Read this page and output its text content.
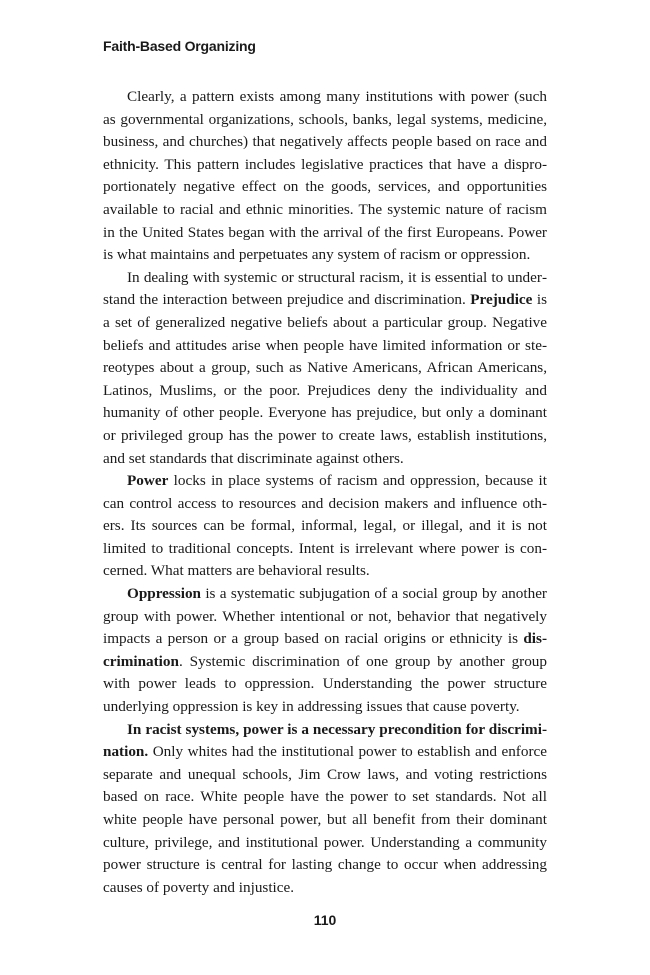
Faith-Based Organizing

Clearly, a pattern exists among many institutions with power (such as governmental organizations, schools, banks, legal systems, medicine, business, and churches) that negatively affects people based on race and ethnicity. This pattern includes legislative practices that have a disproportionately negative effect on the goods, services, and opportunities available to racial and ethnic minorities. The systemic nature of racism in the United States began with the arrival of the first Europeans. Power is what maintains and perpetuates any system of racism or oppression.

In dealing with systemic or structural racism, it is essential to understand the interaction between prejudice and discrimination. Prejudice is a set of generalized negative beliefs about a particular group. Negative beliefs and attitudes arise when people have limited information or stereotypes about a group, such as Native Americans, African Americans, Latinos, Muslims, or the poor. Prejudices deny the individuality and humanity of other people. Everyone has prejudice, but only a dominant or privileged group has the power to create laws, establish institutions, and set standards that discriminate against others.

Power locks in place systems of racism and oppression, because it can control access to resources and decision makers and influence others. Its sources can be formal, informal, legal, or illegal, and it is not limited to traditional concepts. Intent is irrelevant where power is concerned. What matters are behavioral results.

Oppression is a systematic subjugation of a social group by another group with power. Whether intentional or not, behavior that negatively impacts a person or a group based on racial origins or ethnicity is discrimination. Systemic discrimination of one group by another group with power leads to oppression. Understanding the power structure underlying oppression is key in addressing issues that cause poverty.

In racist systems, power is a necessary precondition for discrimination. Only whites had the institutional power to establish and enforce separate and unequal schools, Jim Crow laws, and voting restrictions based on race. White people have the power to set standards. Not all white people have personal power, but all benefit from their dominant culture, privilege, and institutional power. Understanding a community power structure is central for lasting change to occur when addressing causes of poverty and injustice.

110
